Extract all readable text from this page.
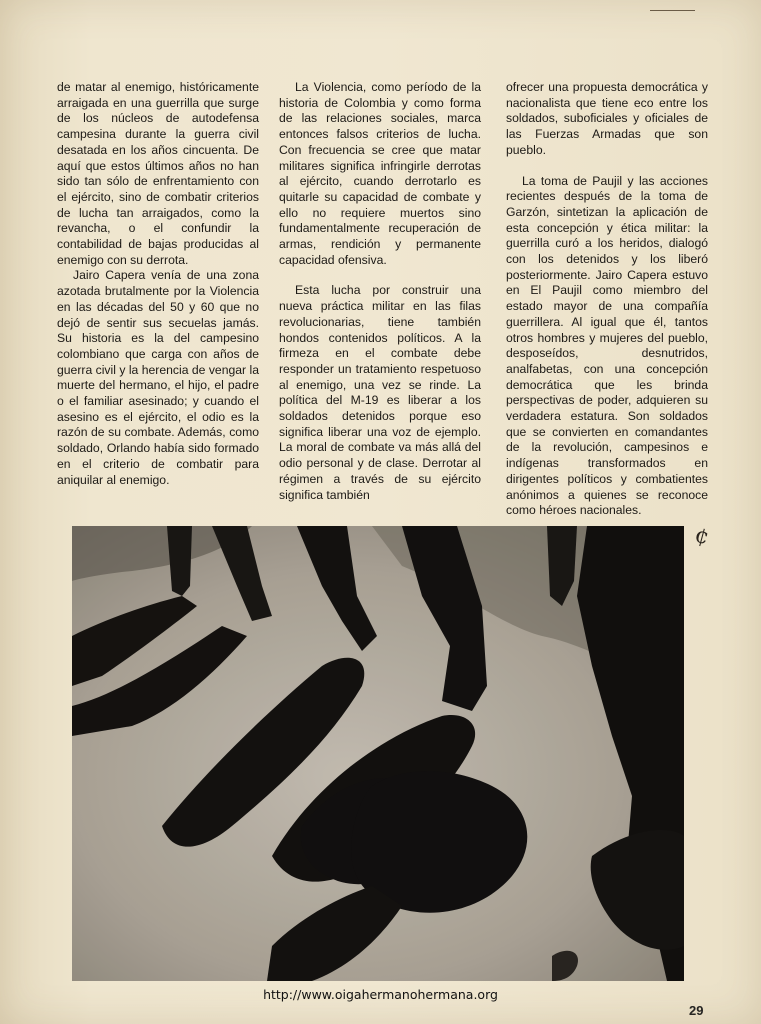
de matar al enemigo, históricamente arraigada en una guerrilla que surge de los núcleos de autodefensa campesina durante la guerra civil desatada en los años cincuenta. De aquí que estos últimos años no han sido tan sólo de enfrentamiento con el ejército, sino de combatir criterios de lucha tan arraigados, como la revancha, o el confundir la contabilidad de bajas producidas al enemigo con su derrota.

Jairo Capera venía de una zona azotada brutalmente por la Violencia en las décadas del 50 y 60 que no dejó de sentir sus secuelas jamás. Su historia es la del campesino colombiano que carga con años de guerra civil y la herencia de vengar la muerte del hermano, el hijo, el padre o el familiar asesinado; y cuando el asesino es el ejército, el odio es la razón de su combate. Además, como soldado, Orlando había sido formado en el criterio de combatir para aniquilar al enemigo.

La Violencia, como período de la historia de Colombia y como forma de las relaciones sociales, marca entonces falsos criterios de lucha. Con frecuencia se cree que matar militares significa infringirle derrotas al ejército, cuando derrotarlo es quitarle su capacidad de combate y ello no requiere muertos sino fundamentalmente recuperación de armas, rendición y permanente capacidad ofensiva.

Esta lucha por construir una nueva práctica militar en las filas revolucionarias, tiene también hondos contenidos políticos. A la firmeza en el combate debe responder un tratamiento respetuoso al enemigo, una vez se rinde. La política del M-19 es liberar a los soldados detenidos porque eso significa liberar una voz de ejemplo. La moral de combate va más allá del odio personal y de clase. Derrotar al régimen a través de su ejército significa también

ofrecer una propuesta democrática y nacionalista que tiene eco entre los soldados, suboficiales y oficiales de las Fuerzas Armadas que son pueblo.

La toma de Paujil y las acciones recientes después de la toma de Garzón, sintetizan la aplicación de esta concepción y ética militar: la guerrilla curó a los heridos, dialogó con los detenidos y los liberó posteriormente. Jairo Capera estuvo en El Paujil como miembro del estado mayor de una compañía guerrillera. Al igual que él, tantos otros hombres y mujeres del pueblo, desposeídos, desnutridos, analfabetas, con una concepción democrática que les brinda perspectivas de poder, adquieren su verdadera estatura. Son soldados que se convierten en comandantes de la revolución, campesinos e indígenas transformados en dirigentes políticos y combatientes anónimos a quienes se reconoce como héroes nacionales.

¢
http://www.oigahermanohermana.org
29
